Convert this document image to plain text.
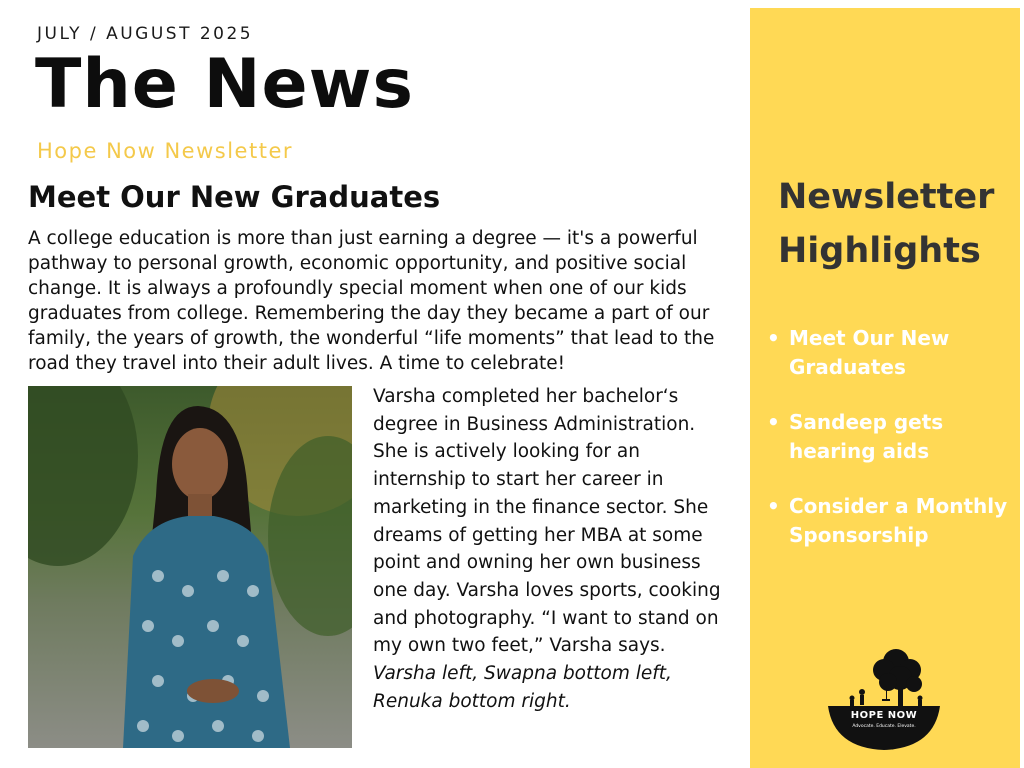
JULY / AUGUST 2025
The News
Hope Now Newsletter
Meet Our New Graduates

A college education is more than just earning a degree — it's a powerful pathway to personal growth, economic opportunity, and positive social change. It is always a profoundly special moment when one of our kids graduates from college. Remembering the day they became a part of our family, the years of growth, the wonderful “life moments” that lead to the road they travel into their adult lives. A time to celebrate!

Varsha completed her bachelor‘s degree in Business Administration. She is actively looking for an internship to start her career in marketing in the finance sector. She dreams of getting her MBA at some point and owning her own business one day. Varsha loves sports, cooking and photography. “I want to stand on my own two feet,” Varsha says.
Varsha left, Swapna bottom left, Renuka bottom right.

Newsletter
Highlights
• Meet Our New Graduates
• Sandeep gets hearing aids
• Consider a Monthly Sponsorship
HOPE NOW
Advocate. Educate. Elevate.
